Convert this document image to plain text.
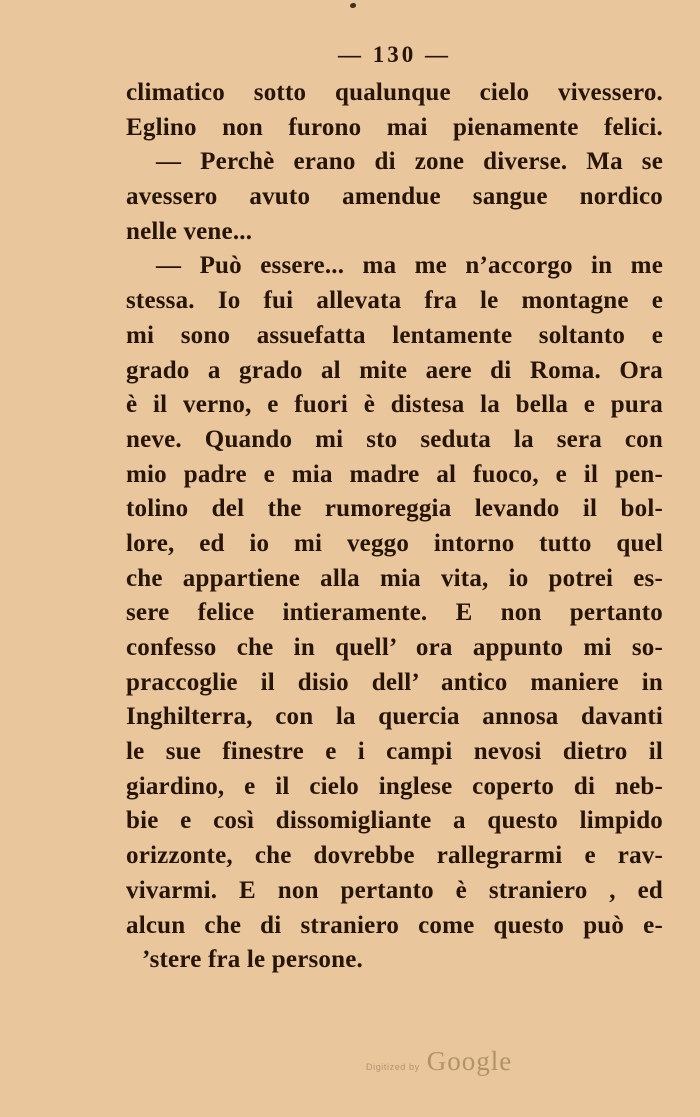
— 130 —
climatico sotto qualunque cielo vivessero.
Eglino non furono mai pienamente felici.
— Perchè erano di zone diverse. Ma se
avessero avuto amendue sangue nordico
nelle vene...
— Può essere... ma me n’accorgo in me
stessa. Io fui allevata fra le montagne e
mi sono assuefatta lentamente soltanto e
grado a grado al mite aere di Roma. Ora
è il verno, e fuori è distesa la bella e pura
neve. Quando mi sto seduta la sera con
mio padre e mia madre al fuoco, e il pen-
tolino del the rumoreggia levando il bol-
lore, ed io mi veggo intorno tutto quel
che appartiene alla mia vita, io potrei es-
sere felice intieramente. E non pertanto
confesso che in quell’ ora appunto mi so-
praccoglie il disio dell’ antico maniere in
Inghilterra, con la quercia annosa davanti
le sue finestre e i campi nevosi dietro il
giardino, e il cielo inglese coperto di neb-
bie e così dissomigliante a questo limpido
orizzonte, che dovrebbe rallegrarmi e rav-
vivarmi. E non pertanto è straniero , ed
alcun che di straniero come questo può e-
’stere fra le persone.
Digitized by Google
